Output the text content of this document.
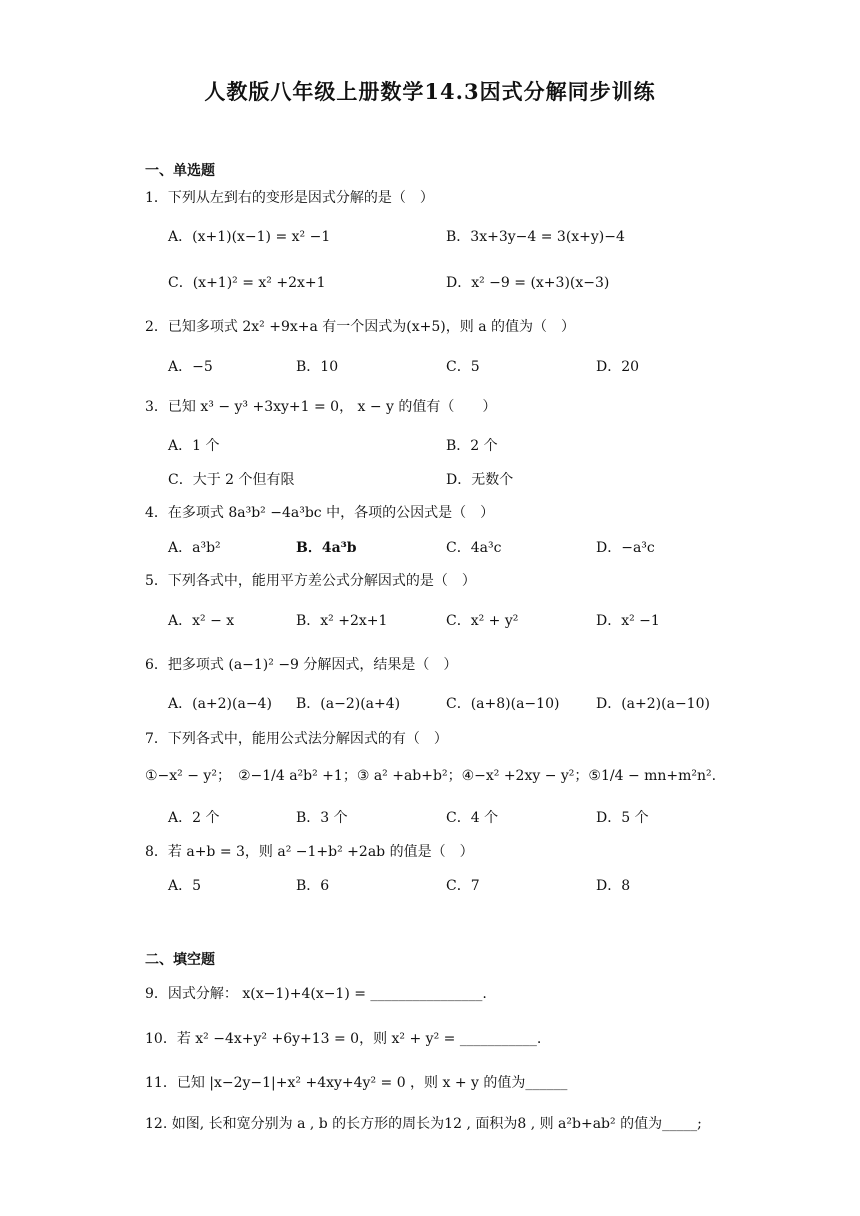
人教版八年级上册数学14.3因式分解同步训练
一、单选题
1．下列从左到右的变形是因式分解的是（　）
A．(x+1)(x−1) = x² −1	B．3x+3y−4 = 3(x+y)−4
C．(x+1)² = x² +2x+1	D．x² −9 = (x+3)(x−3)
2．已知多项式 2x² +9x+a 有一个因式为(x+5)，则 a 的值为（　）
A．−5	B．10	C．5	D．20
3．已知 x³ − y³ +3xy+1 = 0， x − y 的值有（　　）
A．1 个	B．2 个
C．大于 2 个但有限	D．无数个
4．在多项式 8a³b² −4a³bc 中，各项的公因式是（　）
A．a³b²	B．4a³b	C．4a³c	D．−a³c
5．下列各式中，能用平方差公式分解因式的是（　）
A．x² − x	B．x² +2x+1	C．x² + y²	D．x² −1
6．把多项式 (a−1)² −9 分解因式，结果是（　）
A．(a+2)(a−4) B．(a−2)(a+4)	C．(a+8)(a−10)	D．(a+2)(a−10)
7．下列各式中，能用公式法分解因式的有（　）
①−x² − y²；　②−1/4 a²b² +1；③ a² +ab+b²；④−x² +2xy − y²；⑤1/4 − mn+m²n².
A．2 个	B．3 个	C．4 个	D．5 个
8．若 a+b = 3，则 a² −1+b² +2ab 的值是（　）
A．5	B．6	C．7	D．8
二、填空题
9．因式分解： x(x−1)+4(x−1) = ________________.
10．若 x² −4x+y² +6y+13 = 0，则 x² + y² = ___________.
11．已知 |x−2y−1|+x² +4xy+4y² = 0 ，则 x + y 的值为______
12. 如图, 长和宽分别为 a , b 的长方形的周长为12 , 面积为8 , 则 a²b+ab² 的值为_____;
